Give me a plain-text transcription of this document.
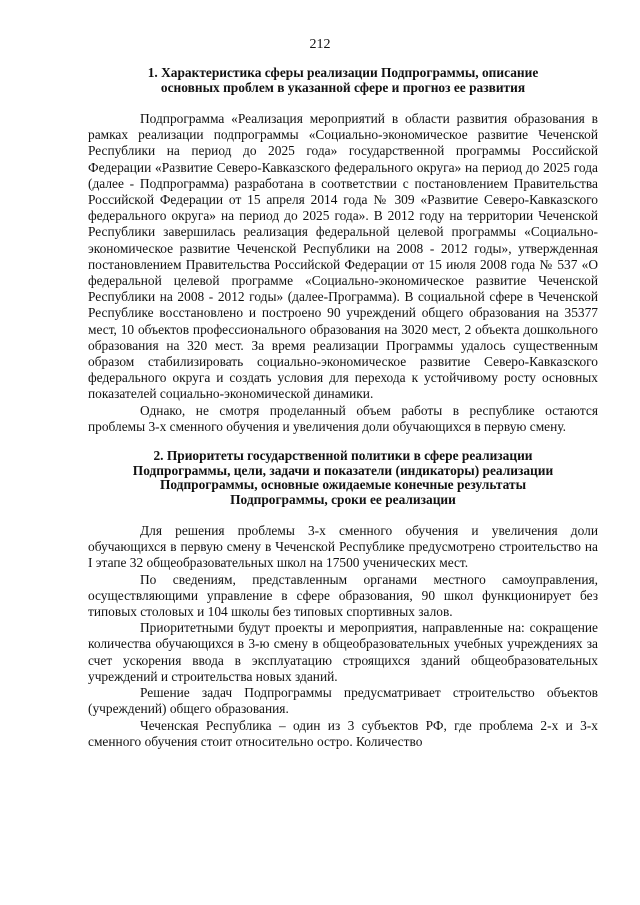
212
1. Характеристика сферы реализации Подпрограммы, описание
основных проблем в указанной сфере и прогноз ее развития

Подпрограмма «Реализация мероприятий в области развития образования в рамках реализации подпрограммы «Социально-экономическое развитие Чеченской Республики на период до 2025 года» государственной программы Российской Федерации «Развитие Северо-Кавказского федерального округа» на период до 2025 года (далее - Подпрограмма) разработана в соответствии с постановлением Правительства Российской Федерации от 15 апреля 2014 года № 309 «Развитие Северо-Кавказского федерального округа» на период до 2025 года». В 2012 году на территории Чеченской Республики завершилась реализация федеральной целевой программы «Социально-экономическое развитие Чеченской Республики на 2008 - 2012 годы», утвержденная постановлением Правительства Российской Федерации от 15 июля 2008 года № 537 «О федеральной целевой программе «Социально-экономическое развитие Чеченской Республики на 2008 - 2012 годы» (далее-Программа). В социальной сфере в Чеченской Республике восстановлено и построено 90 учреждений общего образования на 35377 мест, 10 объектов профессионального образования на 3020 мест, 2 объекта дошкольного образования на 320 мест. За время реализации Программы удалось существенным образом стабилизировать социально-экономическое развитие Северо-Кавказского федерального округа и создать условия для перехода к устойчивому росту основных показателей социально-экономической динамики.

Однако, не смотря проделанный объем работы в республике остаются проблемы 3-х сменного обучения и увеличения доли обучающихся в первую смену.

2. Приоритеты государственной политики в сфере реализации
Подпрограммы, цели, задачи и показатели (индикаторы) реализации
Подпрограммы, основные ожидаемые конечные результаты
Подпрограммы, сроки ее реализации

Для решения проблемы 3-х сменного обучения и увеличения доли обучающихся в первую смену в Чеченской Республике предусмотрено строительство на I этапе 32 общеобразовательных школ на 17500 ученических мест.

По сведениям, представленным органами местного самоуправления, осуществляющими управление в сфере образования, 90 школ функционирует без типовых столовых и 104 школы без типовых спортивных залов.

Приоритетными будут проекты и мероприятия, направленные на: сокращение количества обучающихся в 3-ю смену в общеобразовательных учебных учреждениях за счет ускорения ввода в эксплуатацию строящихся зданий общеобразовательных учреждений и строительства новых зданий.

Решение задач Подпрограммы предусматривает строительство объектов (учреждений) общего образования.

Чеченская Республика – один из 3 субъектов РФ, где проблема 2-х и 3-х сменного обучения стоит относительно остро. Количество
